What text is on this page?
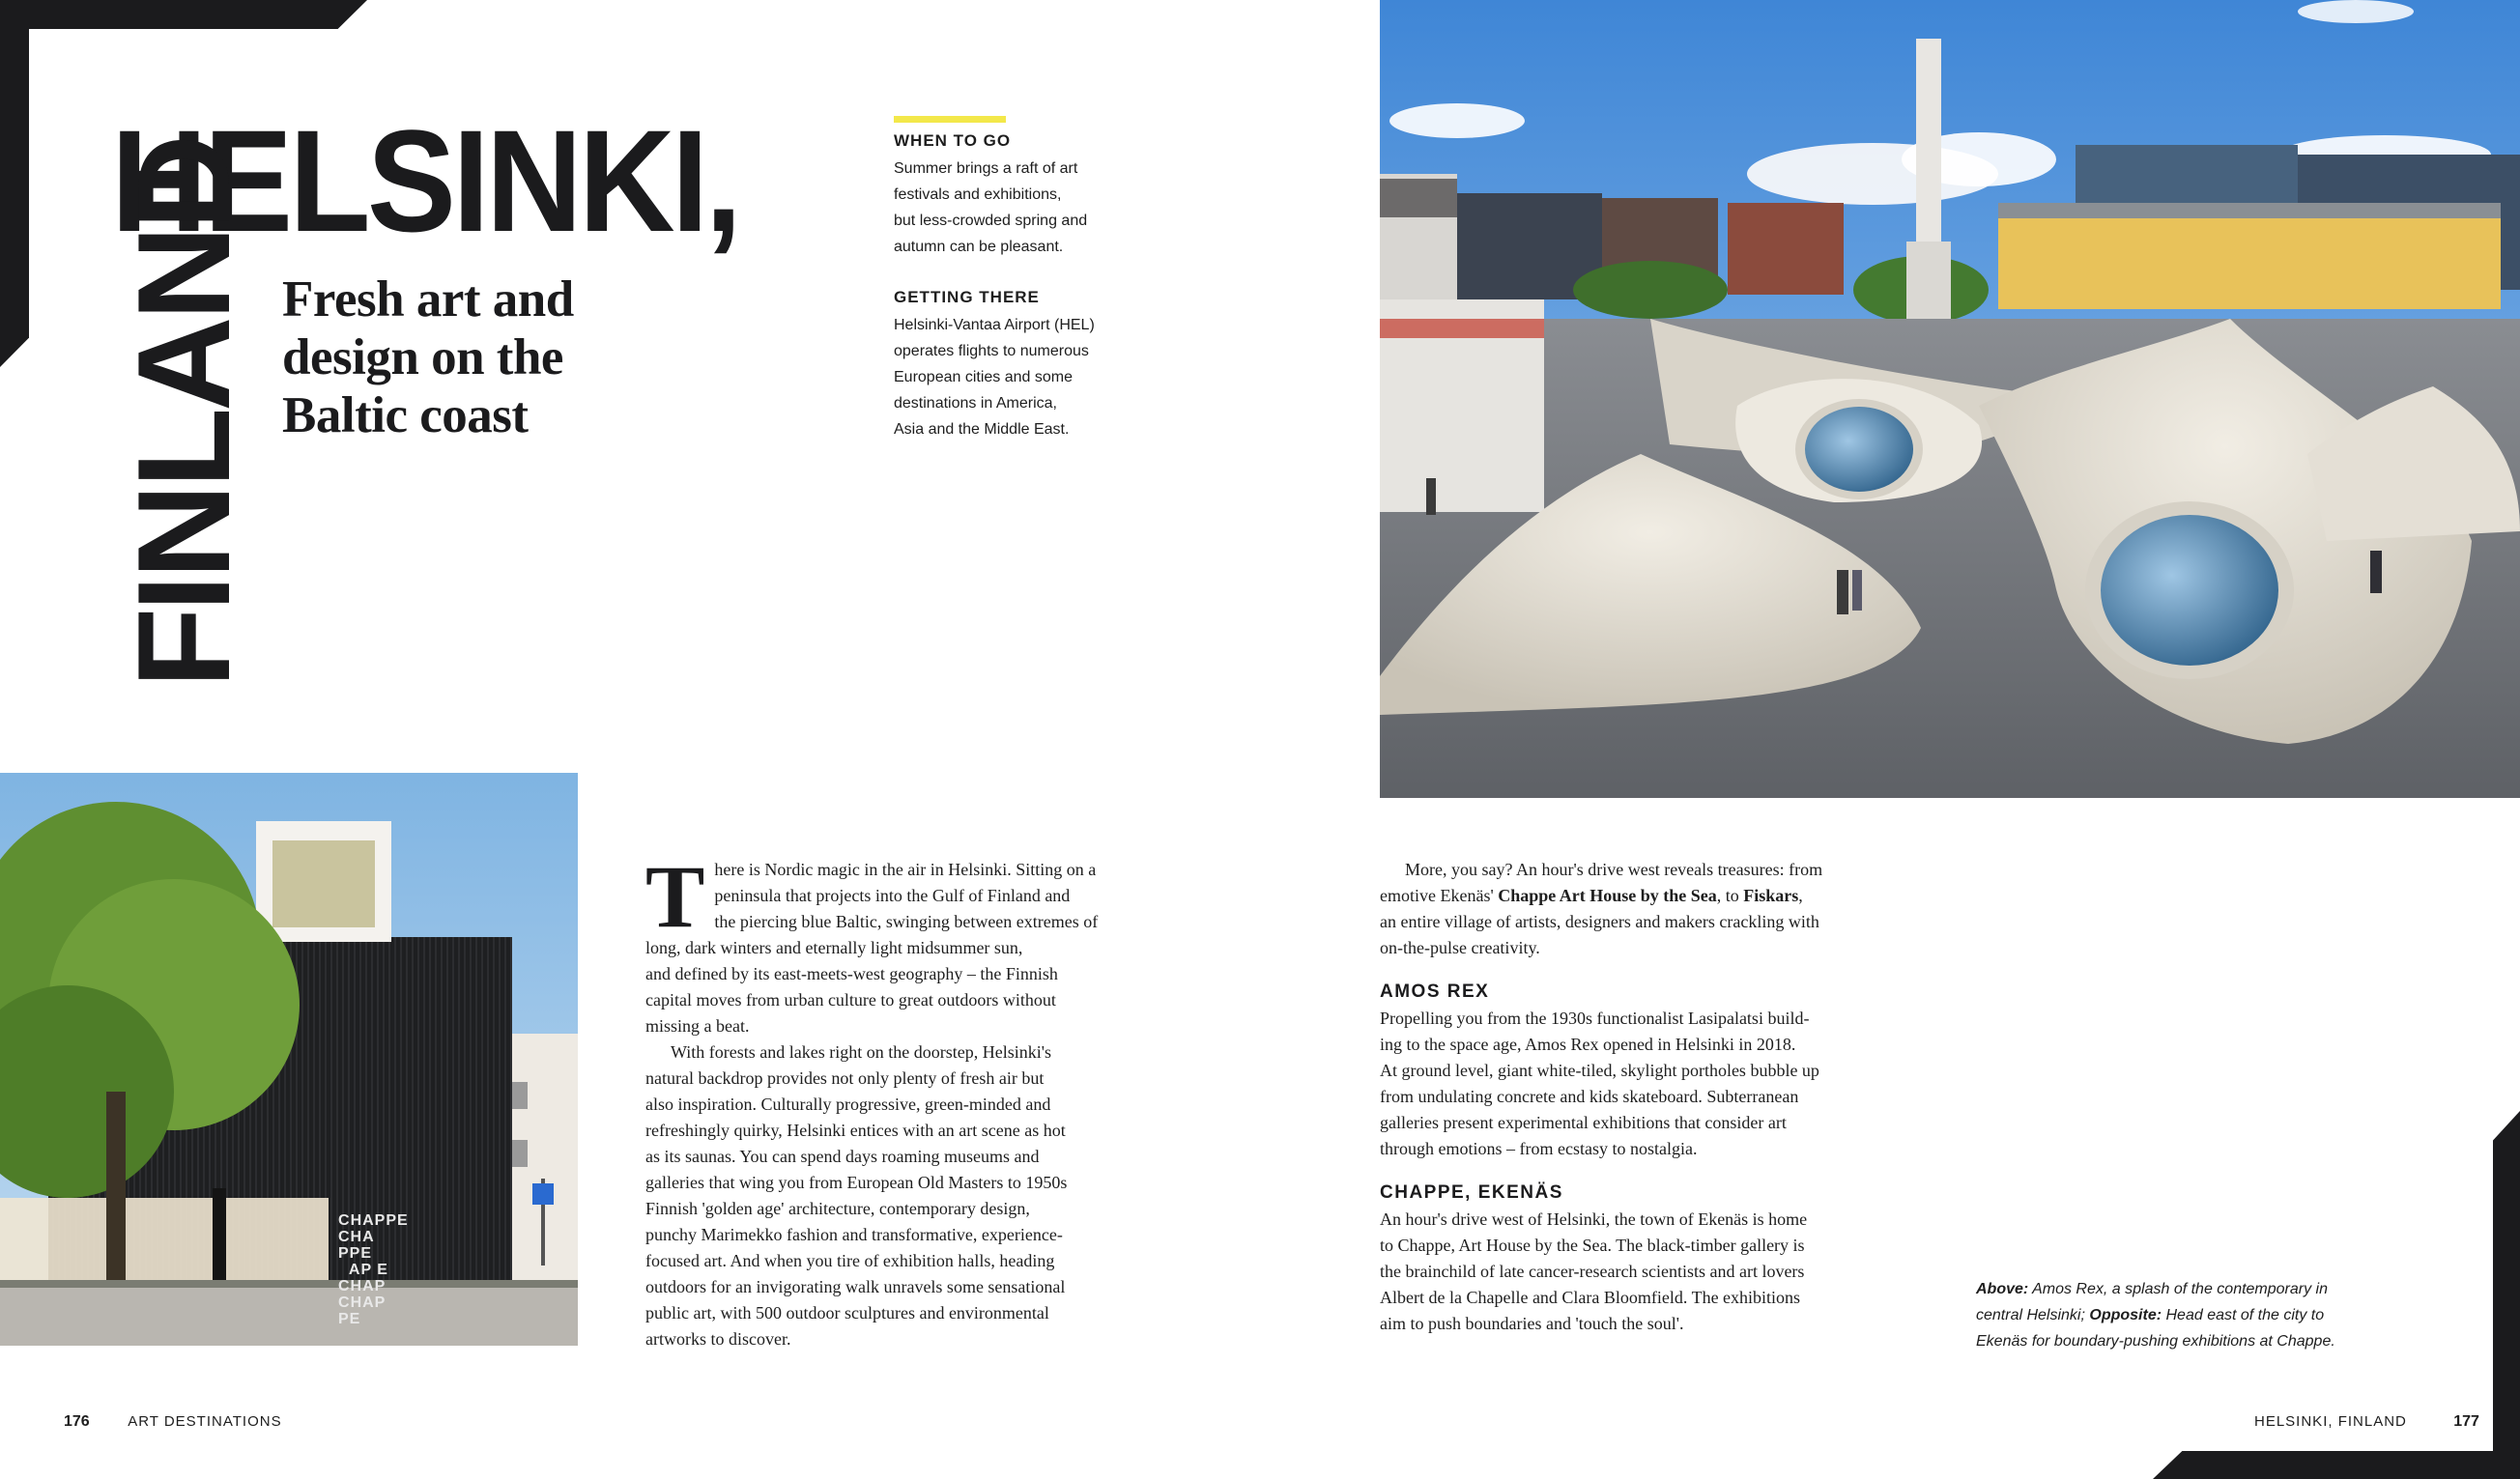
HELSINKI,
FINLAND Fresh art and
design on the
Baltic coast
WHEN TO GO

Summer brings a raft of art

festivals and exhibitions,

but less-crowded spring and

autumn can be pleasant.

GETTING THERE

Helsinki-Vantaa Airport (HEL)

operates flights to numerous

European cities and some

destinations in America,

Asia and the Middle East.

CHAPPE
CHA PPE
AP E
CHAP
CHAP PE
T here is Nordic magic in the air in Helsinki. Sitting on a

peninsula that projects into the Gulf of Finland and

the piercing blue Baltic, swinging between extremes of

long, dark winters and eternally light midsummer sun,

and defined by its east-meets-west geography – the Finnish

capital moves from urban culture to great outdoors without

missing a beat.

With forests and lakes right on the doorstep, Helsinki's

natural backdrop provides not only plenty of fresh air but

also inspiration. Culturally progressive, green-minded and

refreshingly quirky, Helsinki entices with an art scene as hot

as its saunas. You can spend days roaming museums and

galleries that wing you from European Old Masters to 1950s

Finnish 'golden age' architecture, contemporary design,

punchy Marimekko fashion and transformative, experience-

focused art. And when you tire of exhibition halls, heading

outdoors for an invigorating walk unravels some sensational

public art, with 500 outdoor sculptures and environmental

artworks to discover.

More, you say? An hour's drive west reveals treasures: from

emotive Ekenäs' Chappe Art House by the Sea, to Fiskars,

an entire village of artists, designers and makers crackling with

on-the-pulse creativity.

AMOS REX

Propelling you from the 1930s functionalist Lasipalatsi build-

ing to the space age, Amos Rex opened in Helsinki in 2018.

At ground level, giant white-tiled, skylight portholes bubble up

from undulating concrete and kids skateboard. Subterranean

galleries present experimental exhibitions that consider art

through emotions – from ecstasy to nostalgia.

CHAPPE, EKENÄS

An hour's drive west of Helsinki, the town of Ekenäs is home

to Chappe, Art House by the Sea. The black-timber gallery is

the brainchild of late cancer-research scientists and art lovers

Albert de la Chapelle and Clara Bloomfield. The exhibitions

aim to push boundaries and 'touch the soul'.

Above: Amos Rex, a splash of the contemporary in
central Helsinki; Opposite: Head east of the city to
Ekenäs for boundary-pushing exhibitions at Chappe.
176	ART DESTINATIONS	HELSINKI, FINLAND	177
